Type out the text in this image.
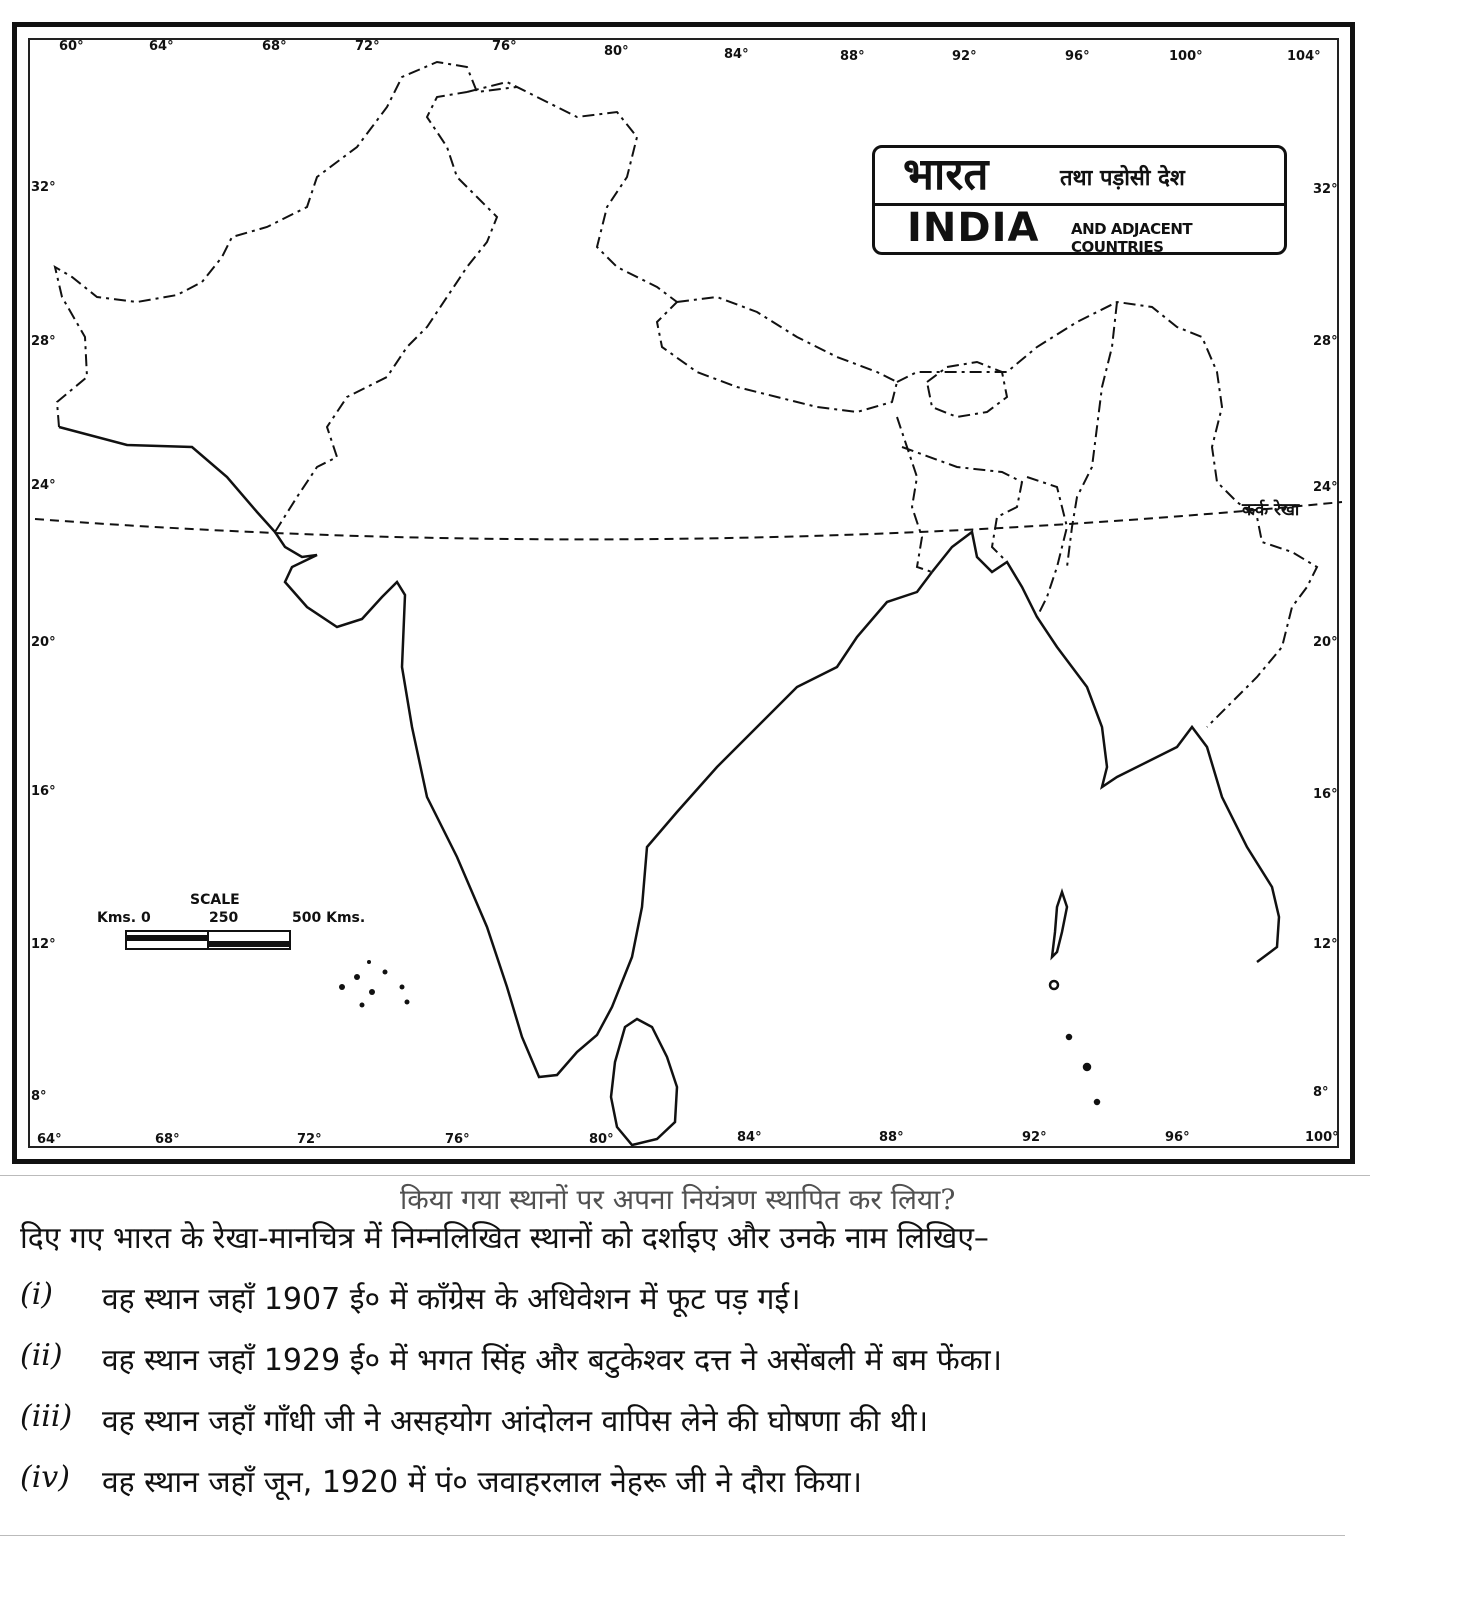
60°	64°	68°	72°	76°	80°	84°	88°	92°	96°	100°	104°
64°	68°	72°	76°	80°	84°	88°	92°	96°	100°
32°
28°
24°
20°
16°
12°
8°
32°
28°
24°
20°
16°
12°
8°
भारत	तथा पड़ोसी देश
INDIA AND ADJACENT COUNTRIES
कर्क रेखा
SCALE
Kms. 0	250	500 Kms.
किया गया स्थानों पर अपना नियंत्रण स्थापित कर लिया?
दिए गए भारत के रेखा-मानचित्र में निम्नलिखित स्थानों को दर्शाइए और उनके नाम लिखिए–
(i)	वह स्थान जहाँ 1907 ई० में काँग्रेस के अधिवेशन में फूट पड़ गई।
(ii)	वह स्थान जहाँ 1929 ई० में भगत सिंह और बटुकेश्वर दत्त ने असेंबली में बम फेंका।
(iii) वह स्थान जहाँ गाँधी जी ने असहयोग आंदोलन वापिस लेने की घोषणा की थी।
(iv)	वह स्थान जहाँ जून, 1920 में पं० जवाहरलाल नेहरू जी ने दौरा किया।
